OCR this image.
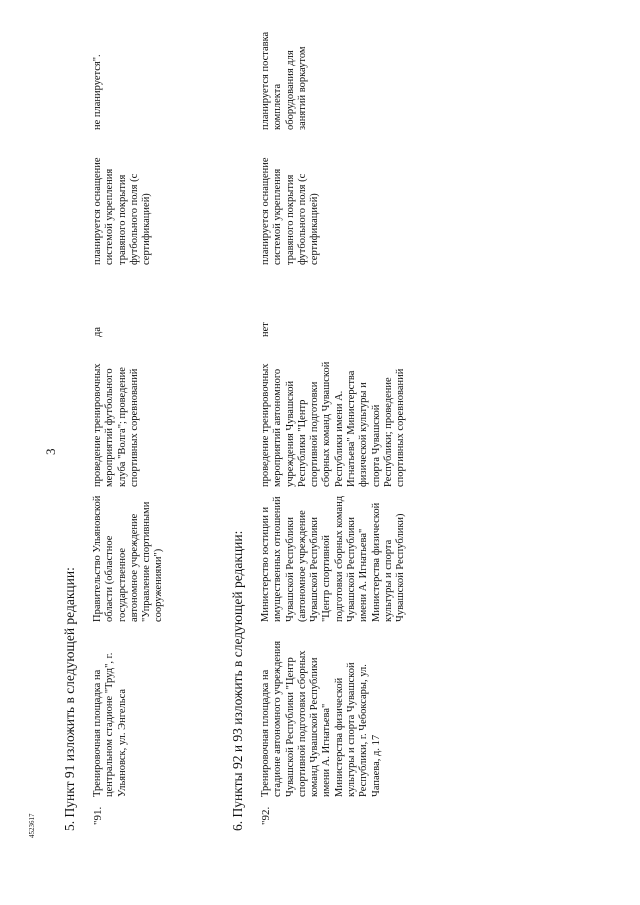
3
5. Пункт 91 изложить в следующей редакции: "91.
Тренировочная площадка на центральном стадионе "Труд", г. Ульяновск, ул. Энгельса
Правительство Ульяновской области (областное государственное автономное учреждение "Управление спортивными сооружениями")
проведение тренировочных мероприятий футбольного клуба "Волга"; проведение спортивных соревнований
да
планируется оснащение системой укрепления травяного покрытия футбольного поля (с сертификацией)
не планируется".
6. Пункты 92 и 93 изложить в следующей редакции: "92.
Тренировочная площадка на стадионе автономного учреждения Чувашской Республики "Центр спортивной подготовки сборных команд Чувашской Республики имени А. Игнатьева" Министерства физической культуры и спорта Чувашской Республики, г. Чебоксары, ул. Чапаева, д. 17
Министерство юстиции и имущественных отношений Чувашской Республики (автономное учреждение Чувашской Республики "Центр спортивной подготовки сборных команд Чувашской Республики имени А. Игнатьева" Министерства физической культуры и спорта Чувашской Республики)
проведение тренировочных мероприятий автономного учреждения Чувашской Республики "Центр спортивной подготовки сборных команд Чувашской Республики имени А. Игнатьева" Министерства физической культуры и спорта Чувашской Республики; проведение спортивных соревнований
нет
планируется оснащение системой укрепления травяного покрытия футбольного поля (с сертификацией)
планируется поставка комплекта оборудования для занятий воркаутом
4523617
